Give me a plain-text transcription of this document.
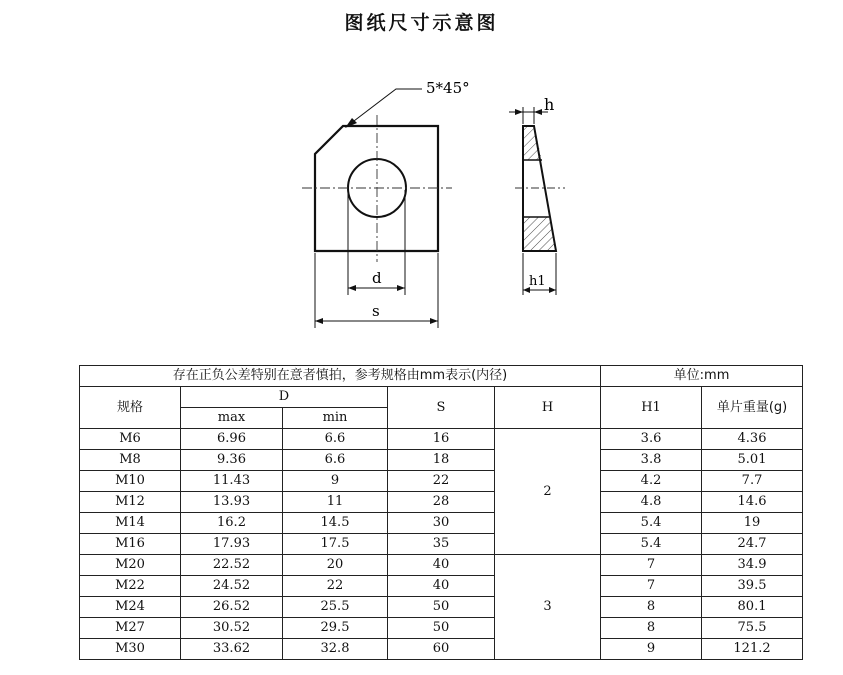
图纸尺寸示意图
5*45°
d
s
h
h1
存在正负公差特别在意者慎拍，参考规格由mm表示(内径)					单位:mm	
规格	D		S	H	H1	单片重量(g)
	max	min				
M6	6.96	6.6	16	2	3.6	4.36
M8	9.36	6.6	18		3.8	5.01
M10	11.43	9	22		4.2	7.7
M12	13.93	11	28		4.8	14.6
M14	16.2	14.5	30		5.4	19
M16	17.93	17.5	35		5.4	24.7
M20	22.52	20	40	3	7	34.9
M22	24.52	22	40		7	39.5
M24	26.52	25.5	50		8	80.1
M27	30.52	29.5	50		8	75.5
M30	33.62	32.8	60		9	121.2
